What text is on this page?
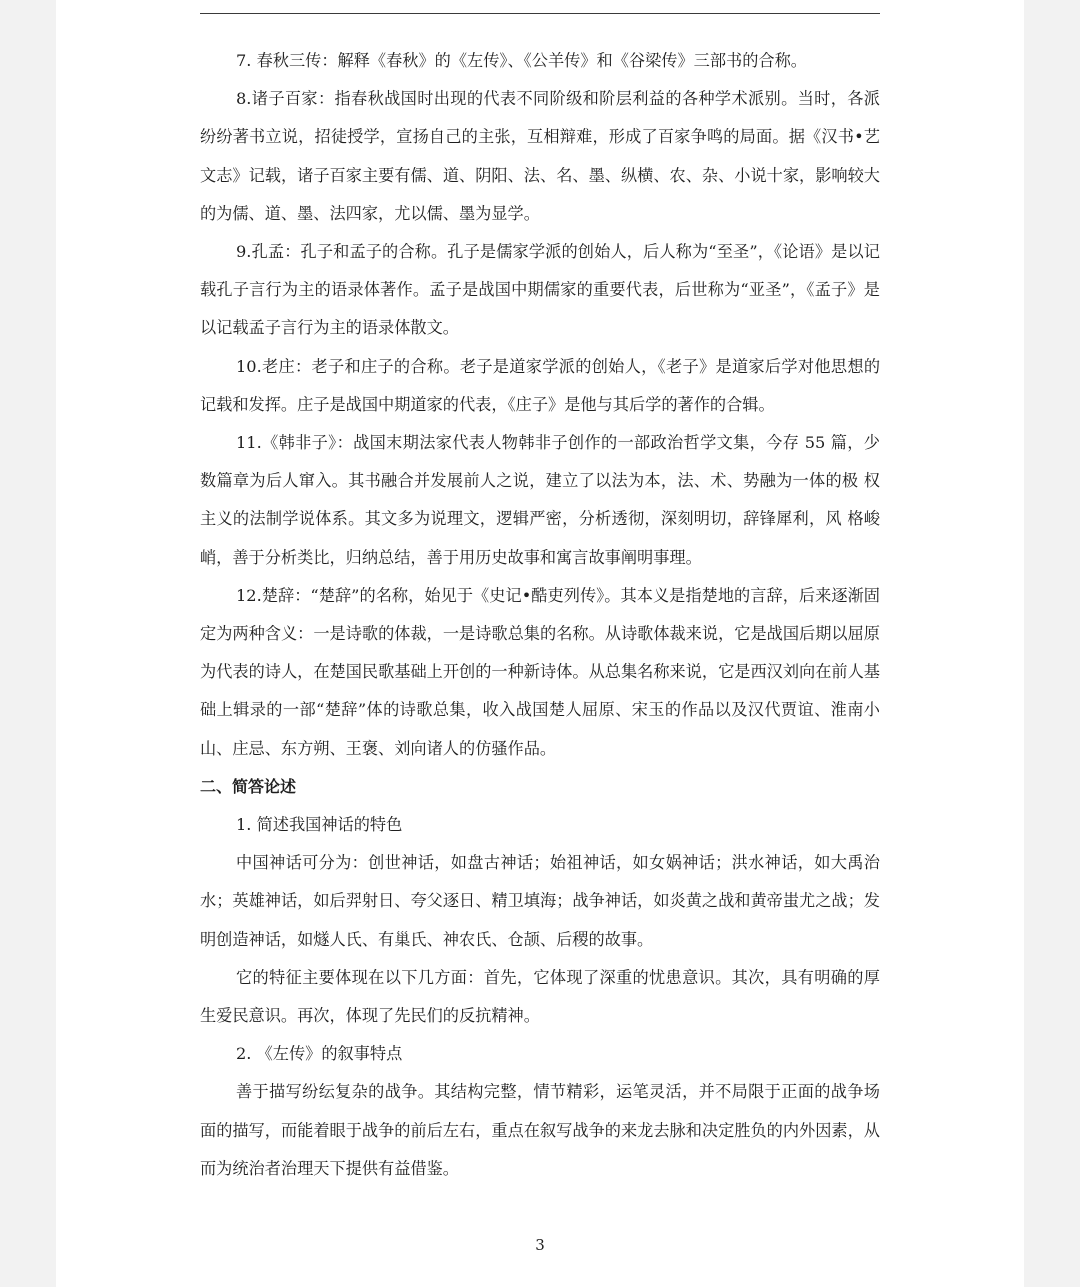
7. 春秋三传：解释《春秋》的《左传》、《公羊传》和《谷梁传》三部书的合称。

8.诸子百家：指春秋战国时出现的代表不同阶级和阶层利益的各种学术派别。当时，各派纷纷著书立说，招徒授学，宣扬自己的主张，互相辩难，形成了百家争鸣的局面。据《汉书•艺文志》记载，诸子百家主要有儒、道、阴阳、法、名、墨、纵横、农、杂、小说十家，影响较大的为儒、道、墨、法四家，尤以儒、墨为显学。

9.孔孟：孔子和孟子的合称。孔子是儒家学派的创始人，后人称为“至圣”，《论语》是以记载孔子言行为主的语录体著作。孟子是战国中期儒家的重要代表，后世称为“亚圣”，《孟子》是以记载孟子言行为主的语录体散文。

10.老庄：老子和庄子的合称。老子是道家学派的创始人，《老子》是道家后学对他思想的记载和发挥。庄子是战国中期道家的代表，《庄子》是他与其后学的著作的合辑。

11.《韩非子》：战国末期法家代表人物韩非子创作的一部政治哲学文集，今存 55 篇，少 数篇章为后人窜入。其书融合并发展前人之说，建立了以法为本，法、术、势融为一体的极 权主义的法制学说体系。其文多为说理文，逻辑严密，分析透彻，深刻明切，辞锋犀利，风 格峻峭，善于分析类比，归纳总结，善于用历史故事和寓言故事阐明事理。

12.楚辞：“楚辞”的名称，始见于《史记•酷吏列传》。其本义是指楚地的言辞，后来逐渐固定为两种含义：一是诗歌的体裁，一是诗歌总集的名称。从诗歌体裁来说，它是战国后期以屈原为代表的诗人，在楚国民歌基础上开创的一种新诗体。从总集名称来说，它是西汉刘向在前人基础上辑录的一部“楚辞”体的诗歌总集，收入战国楚人屈原、宋玉的作品以及汉代贾谊、淮南小山、庄忌、东方朔、王褒、刘向诸人的仿骚作品。

二、简答论述

1. 简述我国神话的特色

中国神话可分为：创世神话，如盘古神话；始祖神话，如女娲神话；洪水神话，如大禹治水；英雄神话，如后羿射日、夸父逐日、精卫填海；战争神话，如炎黄之战和黄帝蚩尤之战；发明创造神话，如燧人氏、有巢氏、神农氏、仓颉、后稷的故事。

它的特征主要体现在以下几方面：首先，它体现了深重的忧患意识。其次，具有明确的厚生爱民意识。再次，体现了先民们的反抗精神。

2. 《左传》的叙事特点

善于描写纷纭复杂的战争。其结构完整，情节精彩，运笔灵活，并不局限于正面的战争场面的描写，而能着眼于战争的前后左右，重点在叙写战争的来龙去脉和决定胜负的内外因素，从而为统治者治理天下提供有益借鉴。

3
